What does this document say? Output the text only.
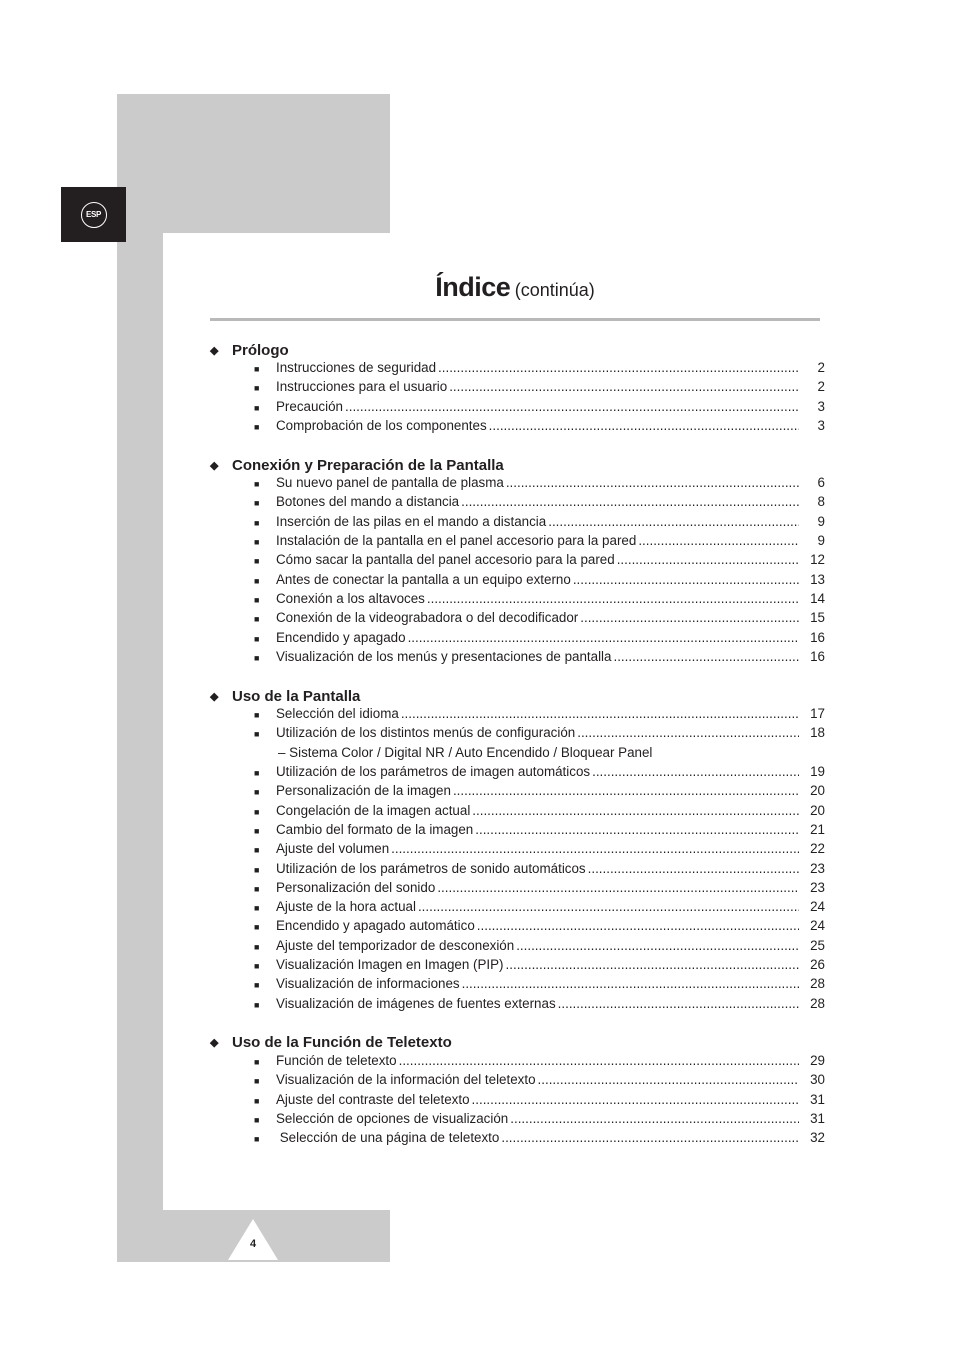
ESP
Índice (continúa)
◆ Prólogo
■	Instrucciones de seguridad .....	2
■	Instrucciones para el usuario .....	2
■	Precaución .....	3
■	Comprobación de los componentes .....	3
◆ Conexión y Preparación de la Pantalla
■	Su nuevo panel de pantalla de plasma .....	6
■	Botones del mando a distancia .....	8
■	Inserción de las pilas en el mando a distancia .....	9
■	Instalación de la pantalla en el panel accesorio para la pared .....	9
■	Cómo sacar la pantalla del panel accesorio para la pared .....	12
■	Antes de conectar la pantalla a un equipo externo .....	13
■	Conexión a los altavoces .....	14
■	Conexión de la videograbadora o del decodificador .....	15
■	Encendido y apagado .....	16
■	Visualización de los menús y presentaciones de pantalla .....	16
◆ Uso de la Pantalla
■	Selección del idioma .....	17
■	Utilización de los distintos menús de configuración .....	18
– Sistema Color / Digital NR / Auto Encendido / Bloquear Panel
■	Utilización de los parámetros de imagen automáticos .....	19
■	Personalización de la imagen .....	20
■	Congelación de la imagen actual .....	20
■	Cambio del formato de la imagen .....	21
■	Ajuste del volumen .....	22
■	Utilización de los parámetros de sonido automáticos .....	23
■	Personalización del sonido .....	23
■	Ajuste de la hora actual .....	24
■	Encendido y apagado automático .....	24
■	Ajuste del temporizador de desconexión .....	25
■	Visualización Imagen en Imagen (PIP) .....	26
■	Visualización de informaciones .....	28
■	Visualización de imágenes de fuentes externas .....	28
◆ Uso de la Función de Teletexto
■	Función de teletexto .....	29
■	Visualización de la información del teletexto .....	30
■	Ajuste del contraste del teletexto .....	31
■	Selección de opciones de visualización .....	31
■	Selección de una página de teletexto .....	32
4
